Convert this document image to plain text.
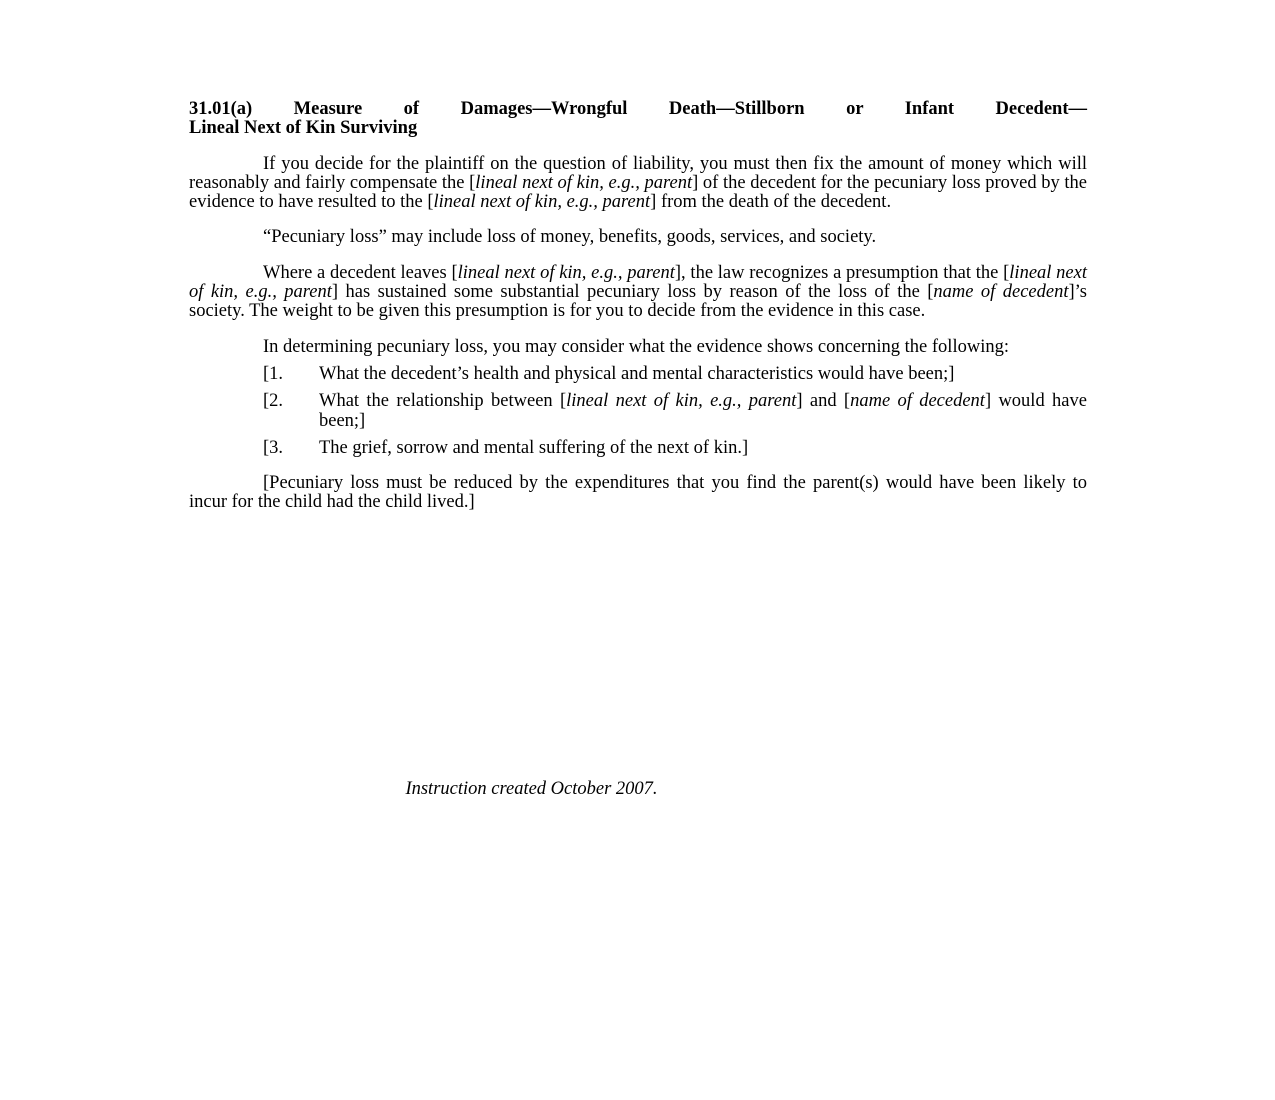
31.01(a) Measure of Damages—Wrongful Death—Stillborn or Infant Decedent—
Lineal Next of Kin Surviving

If you decide for the plaintiff on the question of liability, you must then fix the amount of money which will reasonably and fairly compensate the [lineal next of kin, e.g., parent] of the decedent for the pecuniary loss proved by the evidence to have resulted to the [lineal next of kin, e.g., parent] from the death of the decedent.

“Pecuniary loss” may include loss of money, benefits, goods, services, and society.

Where a decedent leaves [lineal next of kin, e.g., parent], the law recognizes a presumption that the [lineal next of kin, e.g., parent] has sustained some substantial pecuniary loss by reason of the loss of the [name of decedent]’s society. The weight to be given this presumption is for you to decide from the evidence in this case.

In determining pecuniary loss, you may consider what the evidence shows concerning the following:

[1.	What the decedent’s health and physical and mental characteristics would have been;]
[2.	What the relationship between [lineal next of kin, e.g., parent] and [name of decedent] would have been;]
[3.	The grief, sorrow and mental suffering of the next of kin.]

[Pecuniary loss must be reduced by the expenditures that you find the parent(s) would have been likely to incur for the child had the child lived.]

Instruction created October 2007.
